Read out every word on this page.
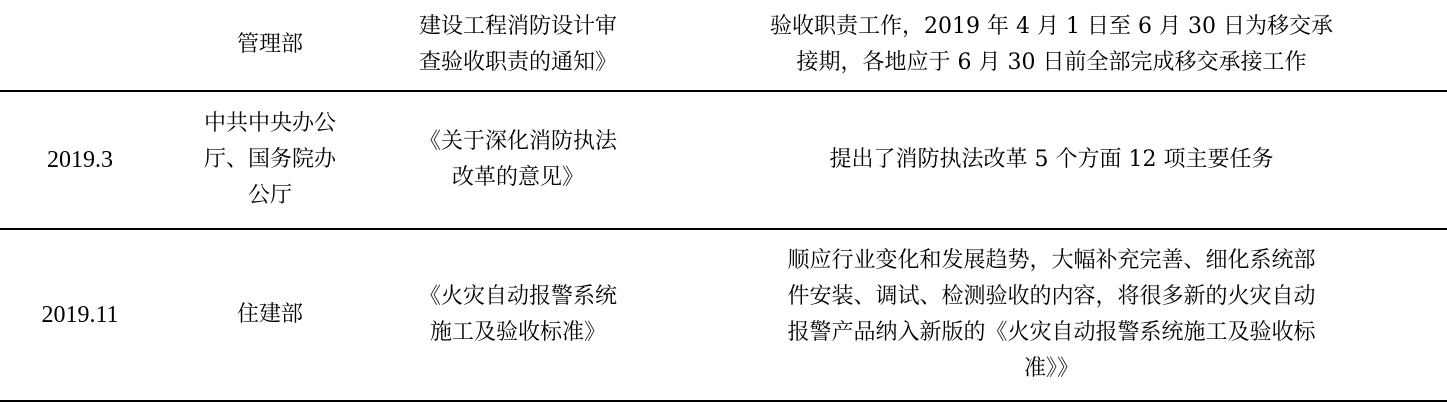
	管理部	建设工程消防设计审
查验收职责的通知》	验收职责工作，2019 年 4 月 1 日至 6 月 30 日为移交承
接期，各地应于 6 月 30 日前全部完成移交承接工作

2019.3	中共中央办公
厅、国务院办
公厅	《关于深化消防执法
改革的意见》	提出了消防执法改革 5 个方面 12 项主要任务

2019.11	住建部	《火灾自动报警系统
施工及验收标准》	顺应行业变化和发展趋势，大幅补充完善、细化系统部
件安装、调试、检测验收的内容，将很多新的火灾自动
报警产品纳入新版的《火灾自动报警系统施工及验收标
准》》
